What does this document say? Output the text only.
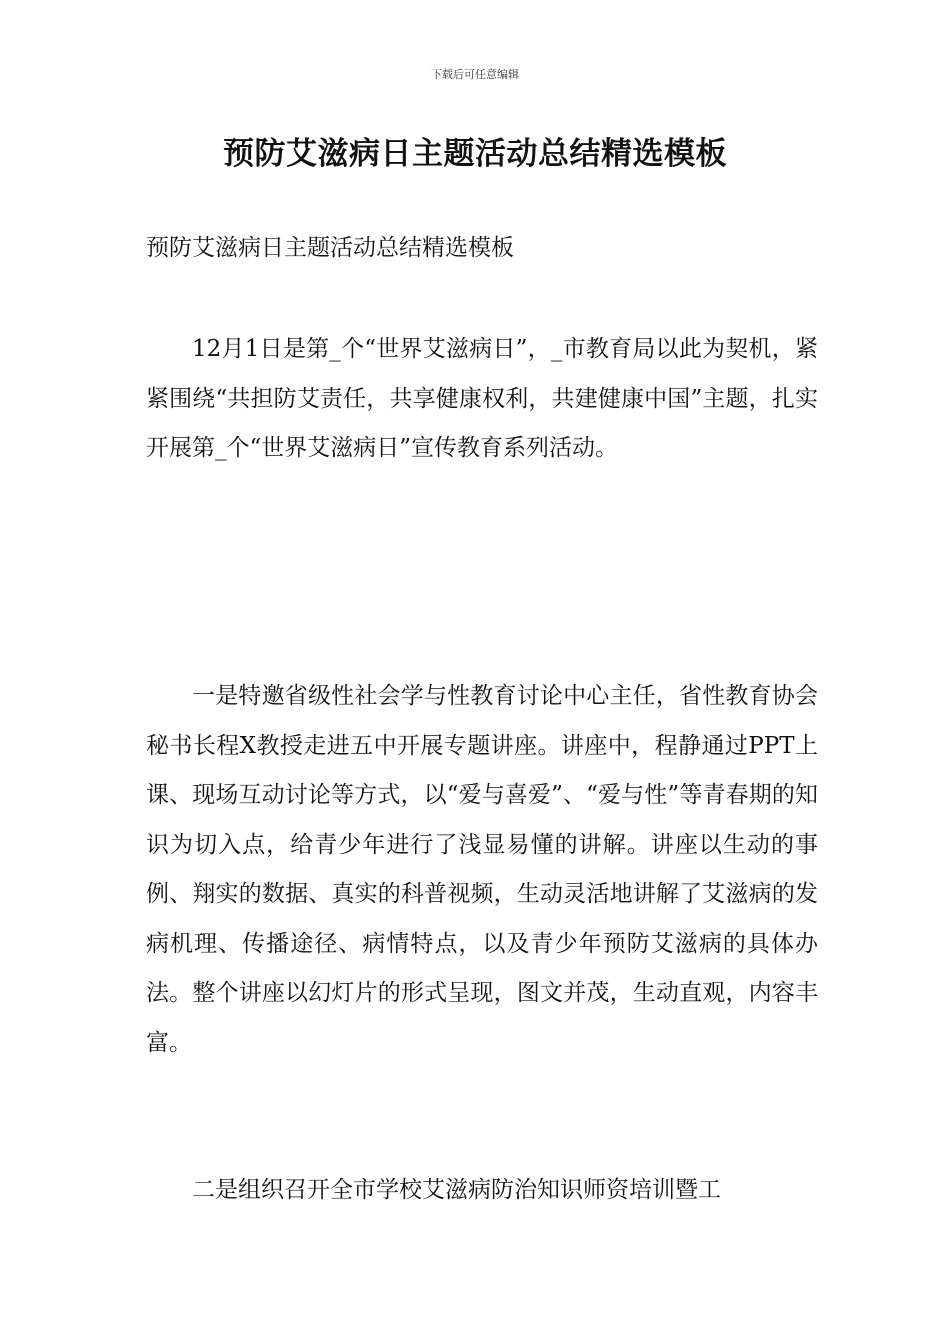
下载后可任意编辑
预防艾滋病日主题活动总结精选模板
预防艾滋病日主题活动总结精选模板

12月1日是第_个“世界艾滋病日”，_市教育局以此为契机，紧紧围绕“共担防艾责任，共享健康权利，共建健康中国”主题，扎实开展第_个“世界艾滋病日”宣传教育系列活动。

一是特邀省级性社会学与性教育讨论中心主任，省性教育协会秘书长程X教授走进五中开展专题讲座。讲座中，程静通过PPT上课、现场互动讨论等方式，以“爱与喜爱”、“爱与性”等青春期的知识为切入点，给青少年进行了浅显易懂的讲解。讲座以生动的事例、翔实的数据、真实的科普视频，生动灵活地讲解了艾滋病的发病机理、传播途径、病情特点，以及青少年预防艾滋病的具体办法。整个讲座以幻灯片的形式呈现，图文并茂，生动直观，内容丰富。

二是组织召开全市学校艾滋病防治知识师资培训暨工
